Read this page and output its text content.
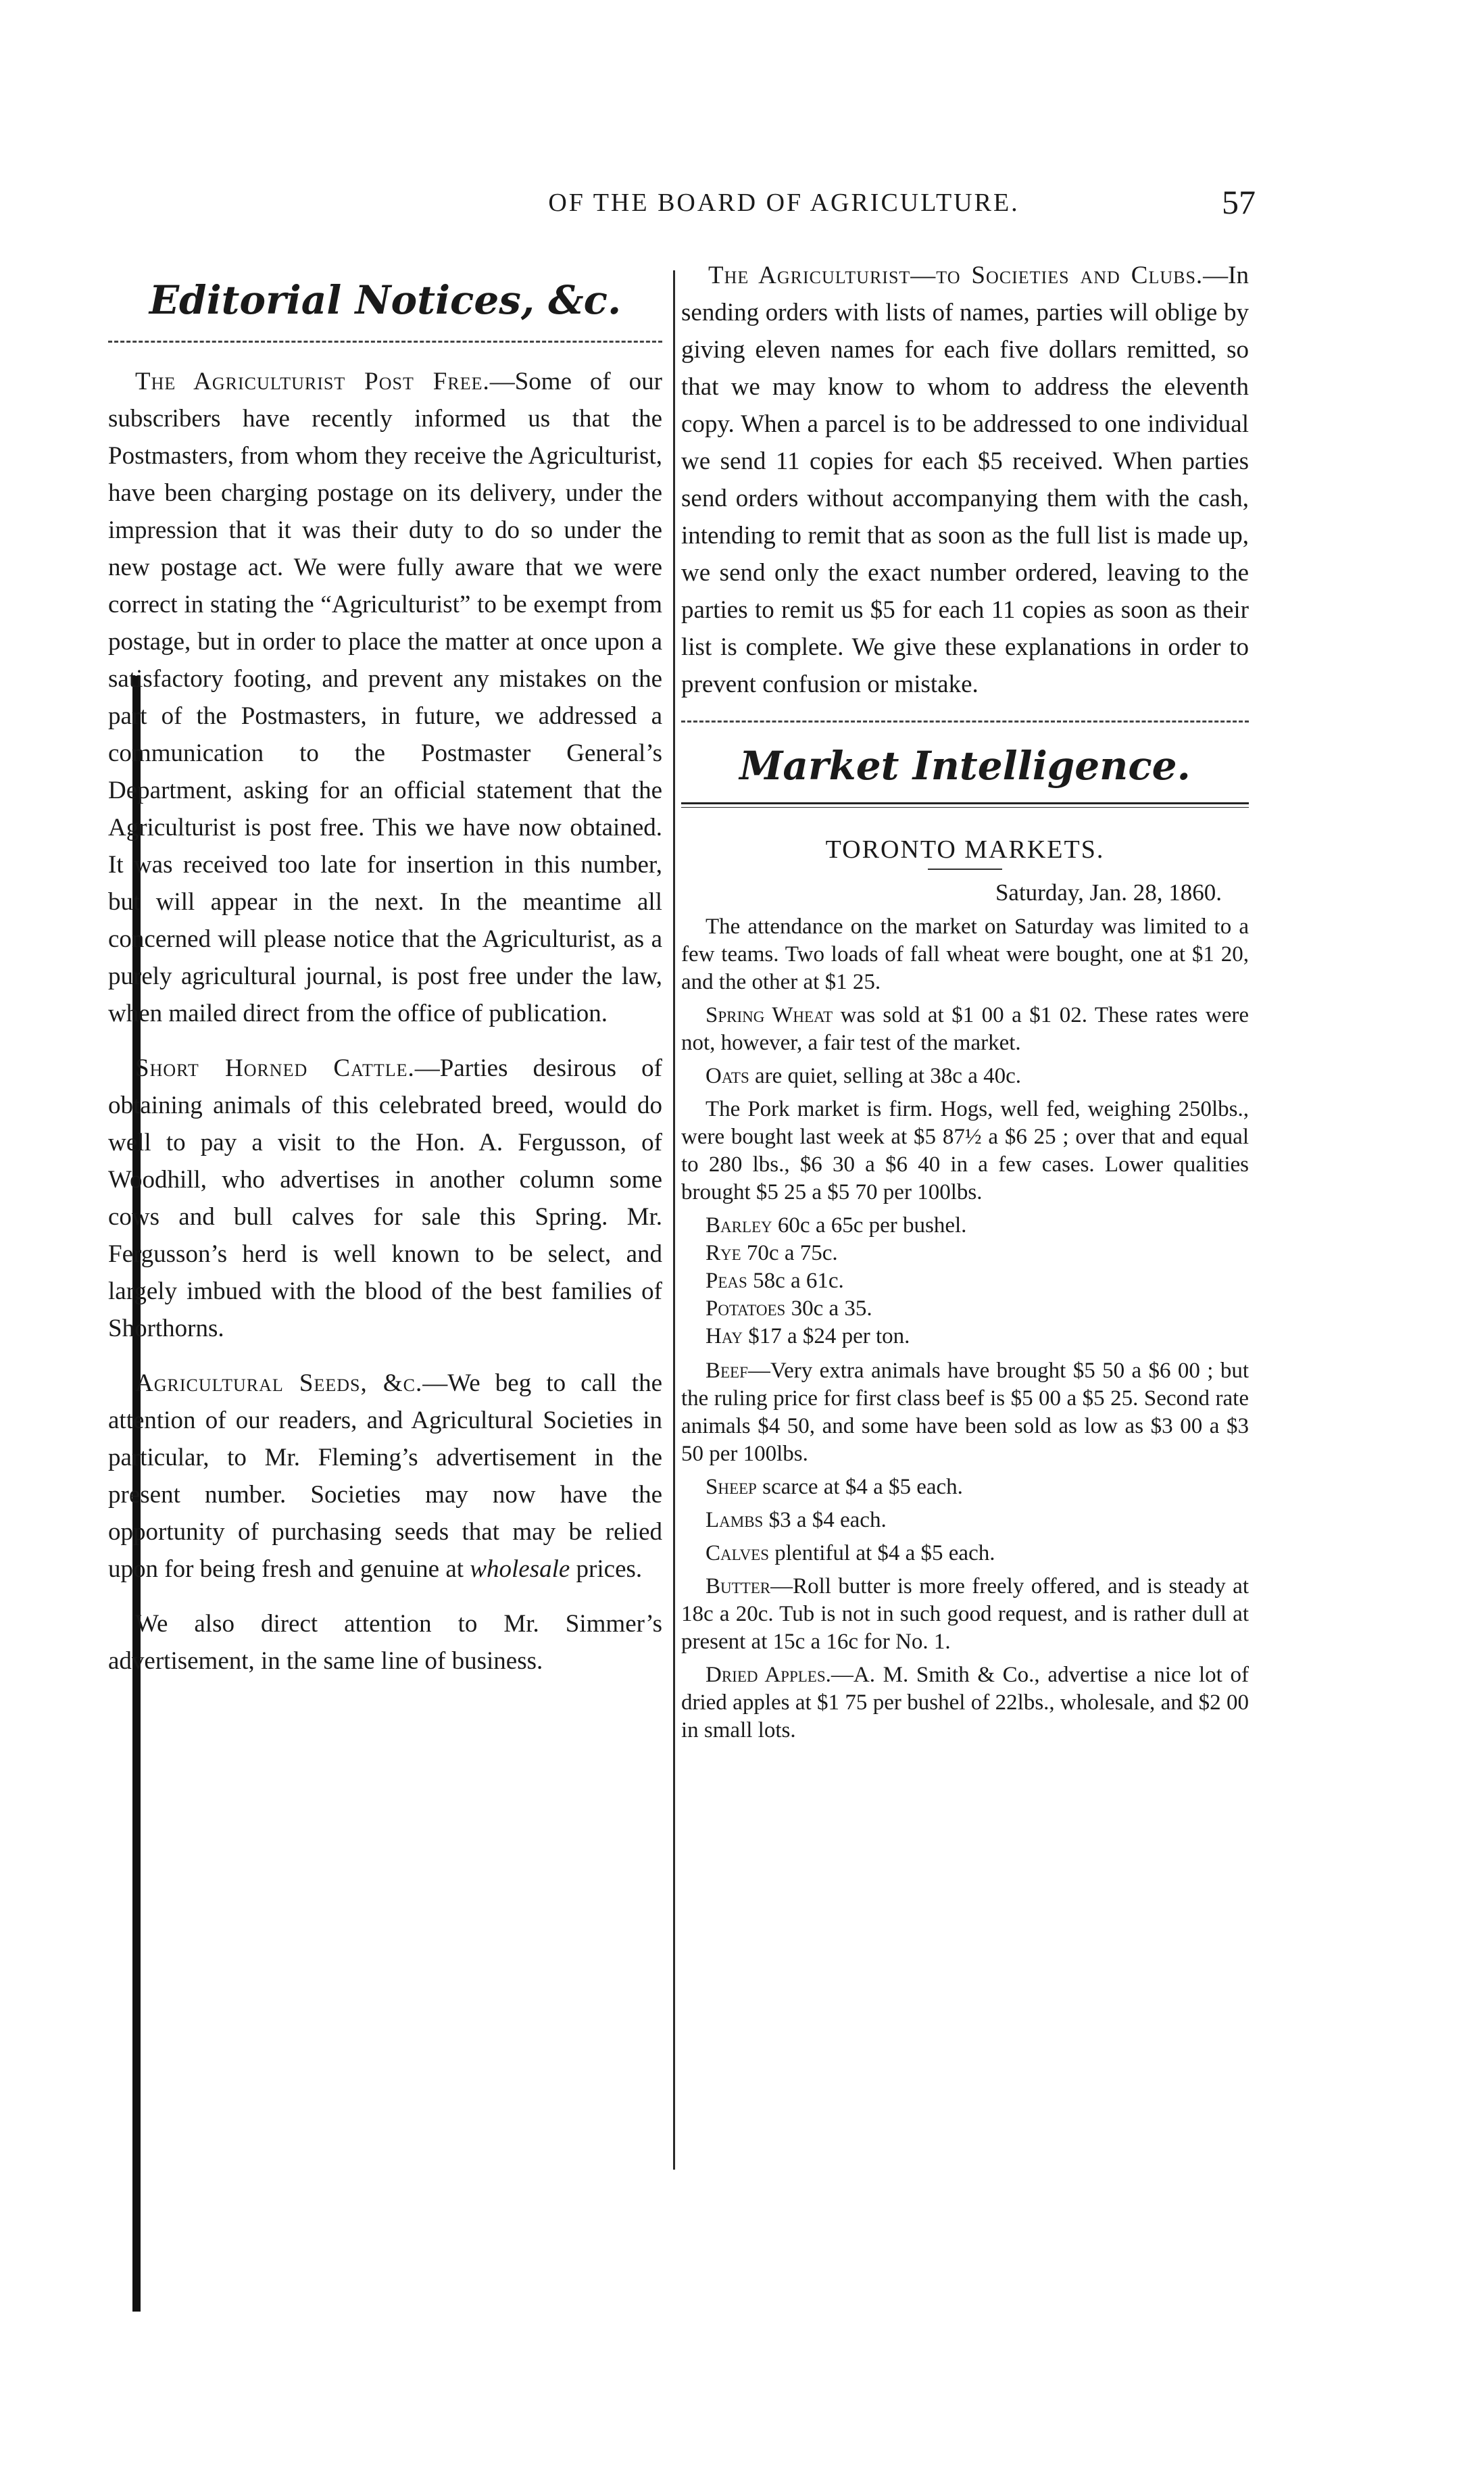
OF THE BOARD OF AGRICULTURE.	57
Editorial Notices, &c.

The Agriculturist Post Free.—Some of our subscribers have recently informed us that the Postmasters, from whom they receive the Agriculturist, have been charging postage on its delivery, under the impression that it was their duty to do so under the new postage act. We were fully aware that we were correct in stating the “Agriculturist” to be exempt from postage, but in order to place the matter at once upon a satisfactory footing, and prevent any mistakes on the part of the Postmasters, in future, we addressed a communication to the Postmaster General’s Department, asking for an official statement that the Agriculturist is post free. This we have now obtained. It was received too late for insertion in this number, but will appear in the next. In the meantime all concerned will please notice that the Agriculturist, as a purely agricultural journal, is post free under the law, when mailed direct from the office of publication.

Short Horned Cattle.—Parties desirous of obtaining animals of this celebrated breed, would do well to pay a visit to the Hon. A. Fergusson, of Woodhill, who advertises in another column some cows and bull calves for sale this Spring. Mr. Fergusson’s herd is well known to be select, and largely imbued with the blood of the best families of Shorthorns.

Agricultural Seeds, &c.—We beg to call the attention of our readers, and Agricultural Societies in particular, to Mr. Fleming’s advertisement in the present number. Societies may now have the opportunity of purchasing seeds that may be relied upon for being fresh and genuine at wholesale prices.

We also direct attention to Mr. Simmer’s advertisement, in the same line of business.

The Agriculturist—to Societies and Clubs.—In sending orders with lists of names, parties will oblige by giving eleven names for each five dollars remitted, so that we may know to whom to address the eleventh copy. When a parcel is to be addressed to one individual we send 11 copies for each $5 received. When parties send orders without accompanying them with the cash, intending to remit that as soon as the full list is made up, we send only the exact number ordered, leaving to the parties to remit us $5 for each 11 copies as soon as their list is complete. We give these explanations in order to prevent confusion or mistake.

Market Intelligence.
TORONTO MARKETS.
Saturday, Jan. 28, 1860.

The attendance on the market on Saturday was limited to a few teams. Two loads of fall wheat were bought, one at $1 20, and the other at $1 25.

Spring Wheat was sold at $1 00 a $1 02. These rates were not, however, a fair test of the market.

Oats are quiet, selling at 38c a 40c.

The Pork market is firm. Hogs, well fed, weighing 250lbs., were bought last week at $5 87½ a $6 25 ; over that and equal to 280 lbs., $6 30 a $6 40 in a few cases. Lower qualities brought $5 25 a $5 70 per 100lbs.

Barley 60c a 65c per bushel.
Rye 70c a 75c.
Peas 58c a 61c.
Potatoes 30c a 35.
Hay $17 a $24 per ton.

Beef—Very extra animals have brought $5 50 a $6 00 ; but the ruling price for first class beef is $5 00 a $5 25. Second rate animals $4 50, and some have been sold as low as $3 00 a $3 50 per 100lbs.

Sheep scarce at $4 a $5 each.

Lambs $3 a $4 each.

Calves plentiful at $4 a $5 each.

Butter—Roll butter is more freely offered, and is steady at 18c a 20c. Tub is not in such good request, and is rather dull at present at 15c a 16c for No. 1.

Dried Apples.—A. M. Smith & Co., advertise a nice lot of dried apples at $1 75 per bushel of 22lbs., wholesale, and $2 00 in small lots.
